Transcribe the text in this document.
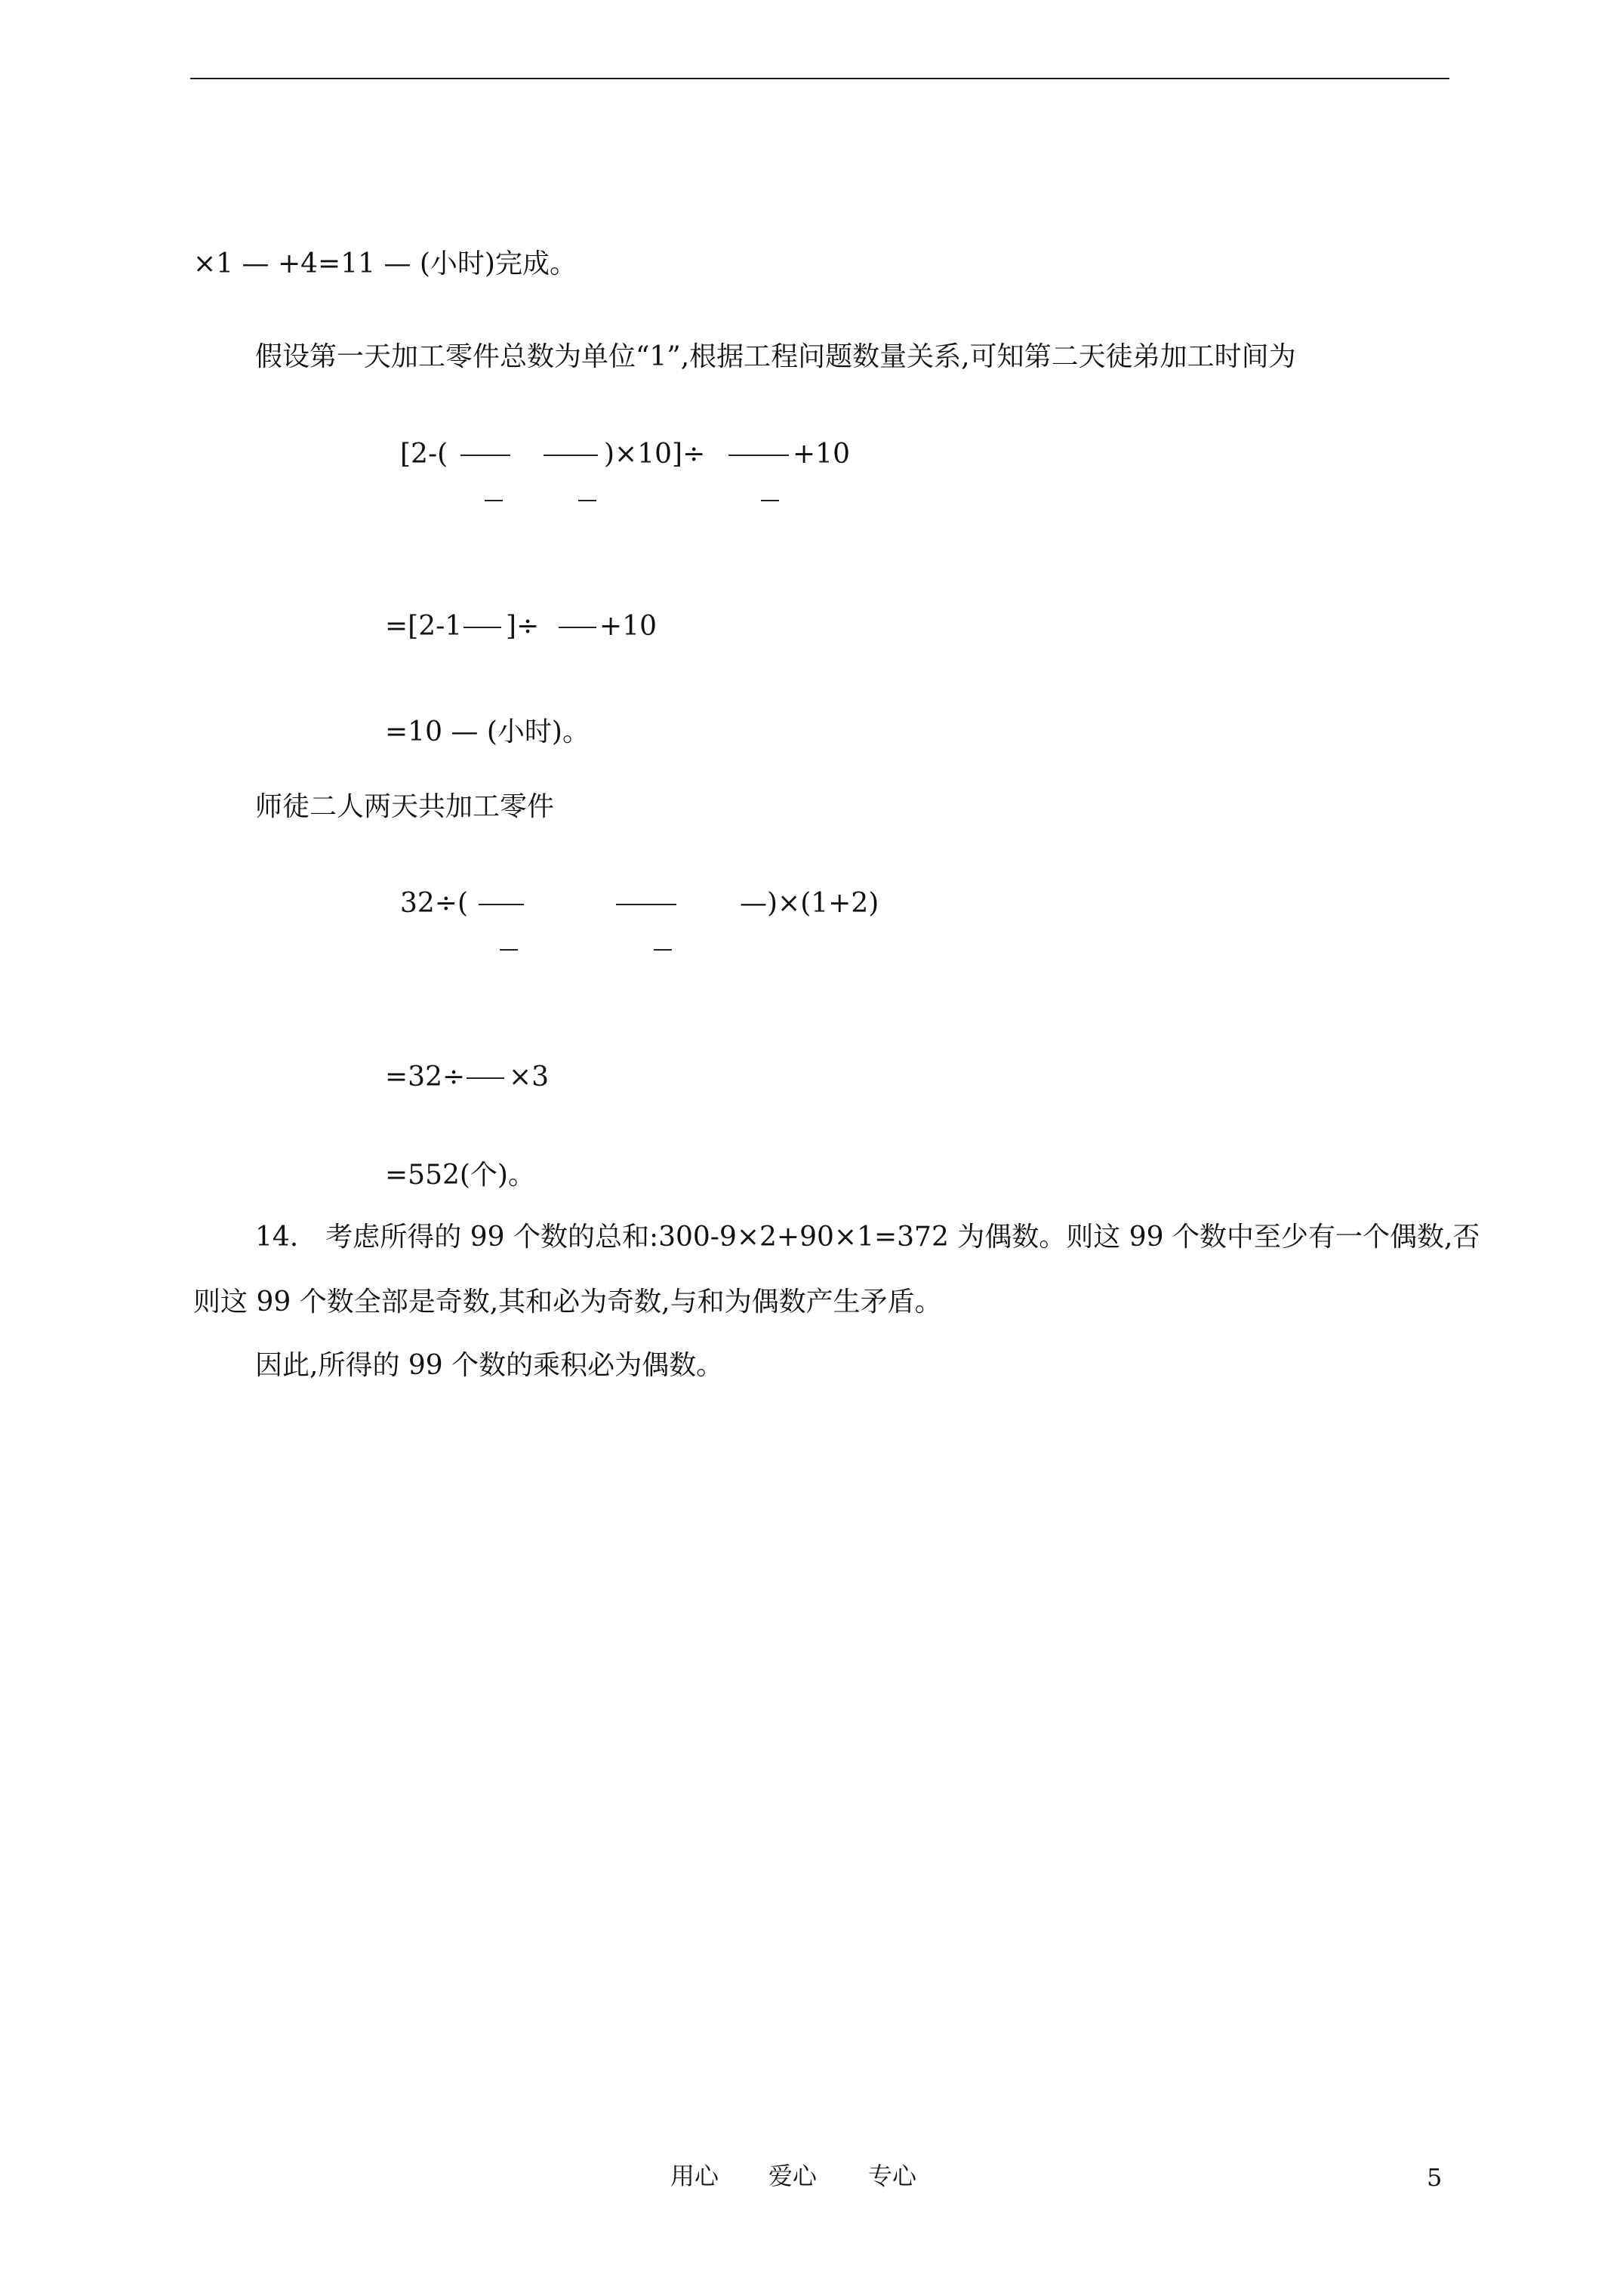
×1 — +4=11 — (小时)完成。
假设第一天加工零件总数为单位“1”,根据工程问题数量关系,可知第二天徒弟加工时间为
[2-(	)×10]÷	+10
=[2-1 ]÷ +10
=10 — (小时)。
师徒二人两天共加工零件
32÷(	—)×(1+2)
=32÷ ×3
=552(个)。
14.　考虑所得的 99 个数的总和:300-9×2+90×1=372 为偶数。则这 99 个数中至少有一个偶数,否
则这 99 个数全部是奇数,其和必为奇数,与和为偶数产生矛盾。
因此,所得的 99 个数的乘积必为偶数。
用心 爱心 专心	5
